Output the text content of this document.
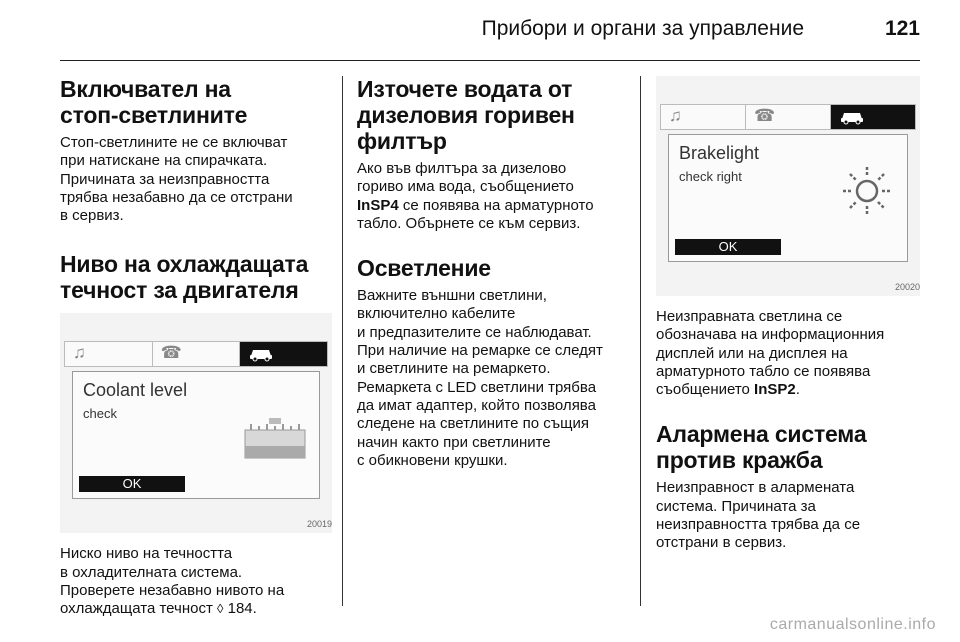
Прибори и органи за управление	121
Включвател на
стоп-светлините

Стоп-светлините не се включват
при натискане на спирачката.
Причината за неизправността
трябва незабавно да се отстрани
в сервиз.

Ниво на охлаждащата
течност за двигателя
♫	☎
Coolant level
check
OK
20019

Ниско ниво на течността
в охладителната система.
Проверете незабавно нивото на
охлаждащата течност ◊ 184.

Източете водата от
дизеловия горивен
филтър

Ако във филтъра за дизелово
гориво има вода, съобщението
InSP4 се появява на арматурното
табло. Обърнете се към сервиз.

Осветление

Важните външни светлини,
включително кабелите
и предпазителите се наблюдават.
При наличие на ремарке се следят
и светлините на ремаркето.
Ремаркета с LED светлини трябва
да имат адаптер, който позволява
следене на светлините по същия
начин както при светлините
с обикновени крушки.

♫	☎
Brakelight
check right
OK
20020

Неизправната светлина се
обозначава на информационния
дисплей или на дисплея на
арматурното табло се появява
съобщението InSP2.

Алармена система
против кражба

Неизправност в алармената
система. Причината за
неизправността трябва да се
отстрани в сервиз.

carmanualsonline.info
